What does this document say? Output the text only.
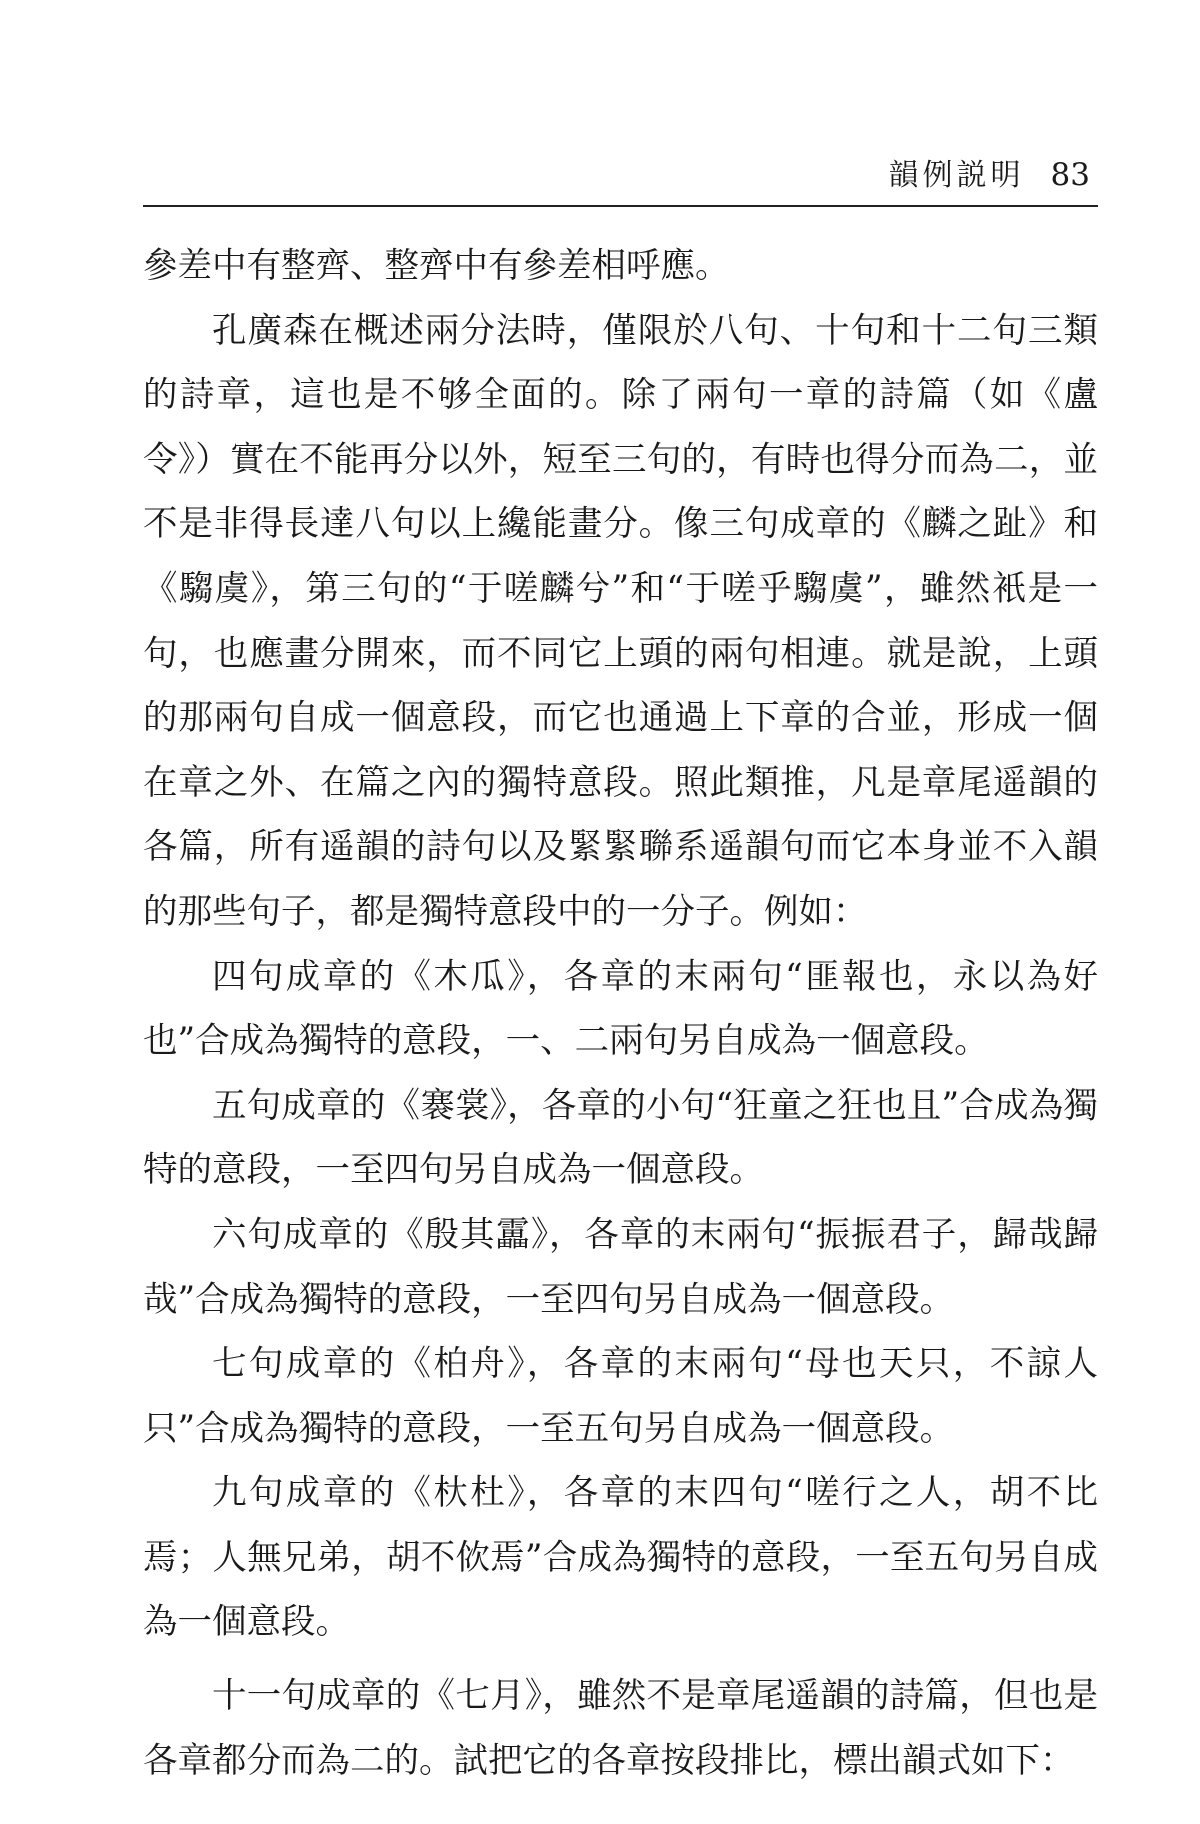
韻例説明 83

參差中有整齊、整齊中有參差相呼應。

孔廣森在概述兩分法時，僅限於八句、十句和十二句三類的詩章，這也是不够全面的。除了兩句一章的詩篇（如《盧令》）實在不能再分以外，短至三句的，有時也得分而為二，並不是非得長達八句以上纔能畫分。像三句成章的《麟之趾》和《騶虞》，第三句的“于嗟麟兮”和“于嗟乎騶虞”，雖然衹是一句，也應畫分開來，而不同它上頭的兩句相連。就是說，上頭的那兩句自成一個意段，而它也通過上下章的合並，形成一個在章之外、在篇之內的獨特意段。照此類推，凡是章尾遥韻的各篇，所有遥韻的詩句以及緊緊聯系遥韻句而它本身並不入韻的那些句子，都是獨特意段中的一分子。例如：

四句成章的《木瓜》，各章的末兩句“匪報也，永以為好也”合成為獨特的意段，一、二兩句另自成為一個意段。

五句成章的《褰裳》，各章的小句“狂童之狂也且”合成為獨特的意段，一至四句另自成為一個意段。

六句成章的《殷其靁》，各章的末兩句“振振君子，歸哉歸哉”合成為獨特的意段，一至四句另自成為一個意段。

七句成章的《柏舟》，各章的末兩句“母也天只，不諒人只”合成為獨特的意段，一至五句另自成為一個意段。

九句成章的《杕杜》，各章的末四句“嗟行之人，胡不比焉；人無兄弟，胡不佽焉”合成為獨特的意段，一至五句另自成為一個意段。

十一句成章的《七月》，雖然不是章尾遥韻的詩篇，但也是各章都分而為二的。試把它的各章按段排比，標出韻式如下：
